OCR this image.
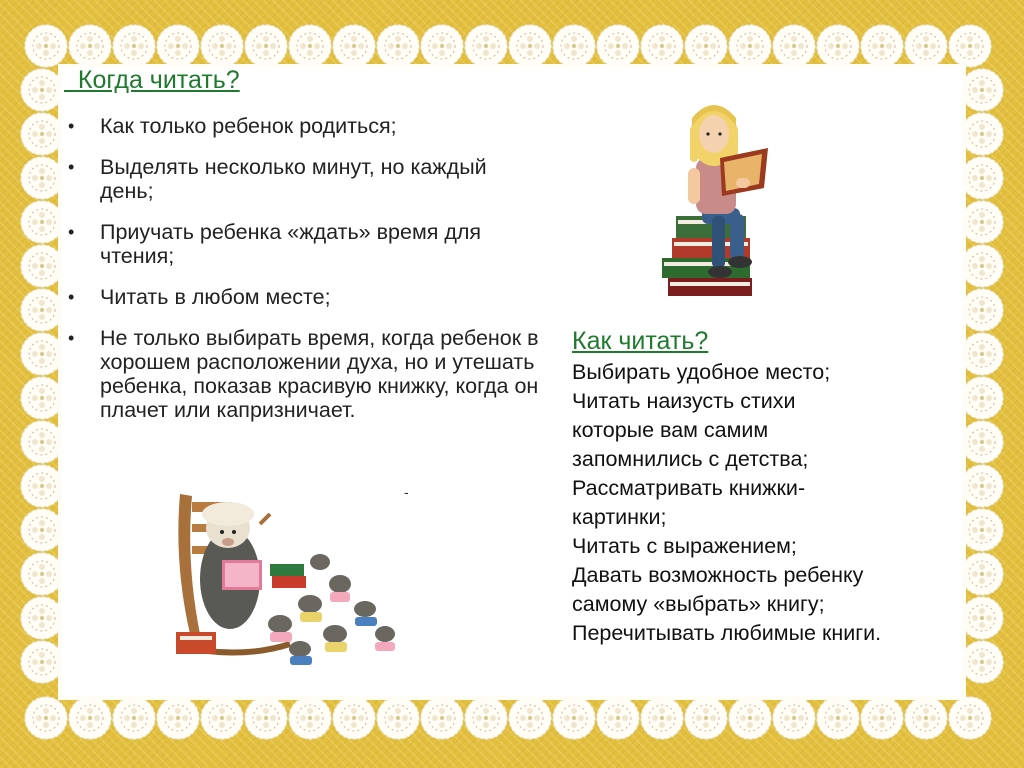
Когда читать?
• Как только ребенок родиться;
• Выделять несколько минут, но каждый день;
• Приучать ребенка «ждать» время для чтения;
• Читать в любом месте;
• Не только выбирать время, когда ребенок в хорошем расположении духа, но и утешать ребенка, показав красивую книжку, когда он плачет или капризничает.
Как читать?
Выбирать удобное место;
Читать наизусть стихи
которые вам самим
запомнились с детства;
Рассматривать книжки-
картинки;
Читать с выражением;
Давать возможность ребенку
самому «выбрать» книгу;
Перечитывать любимые книги.
-
